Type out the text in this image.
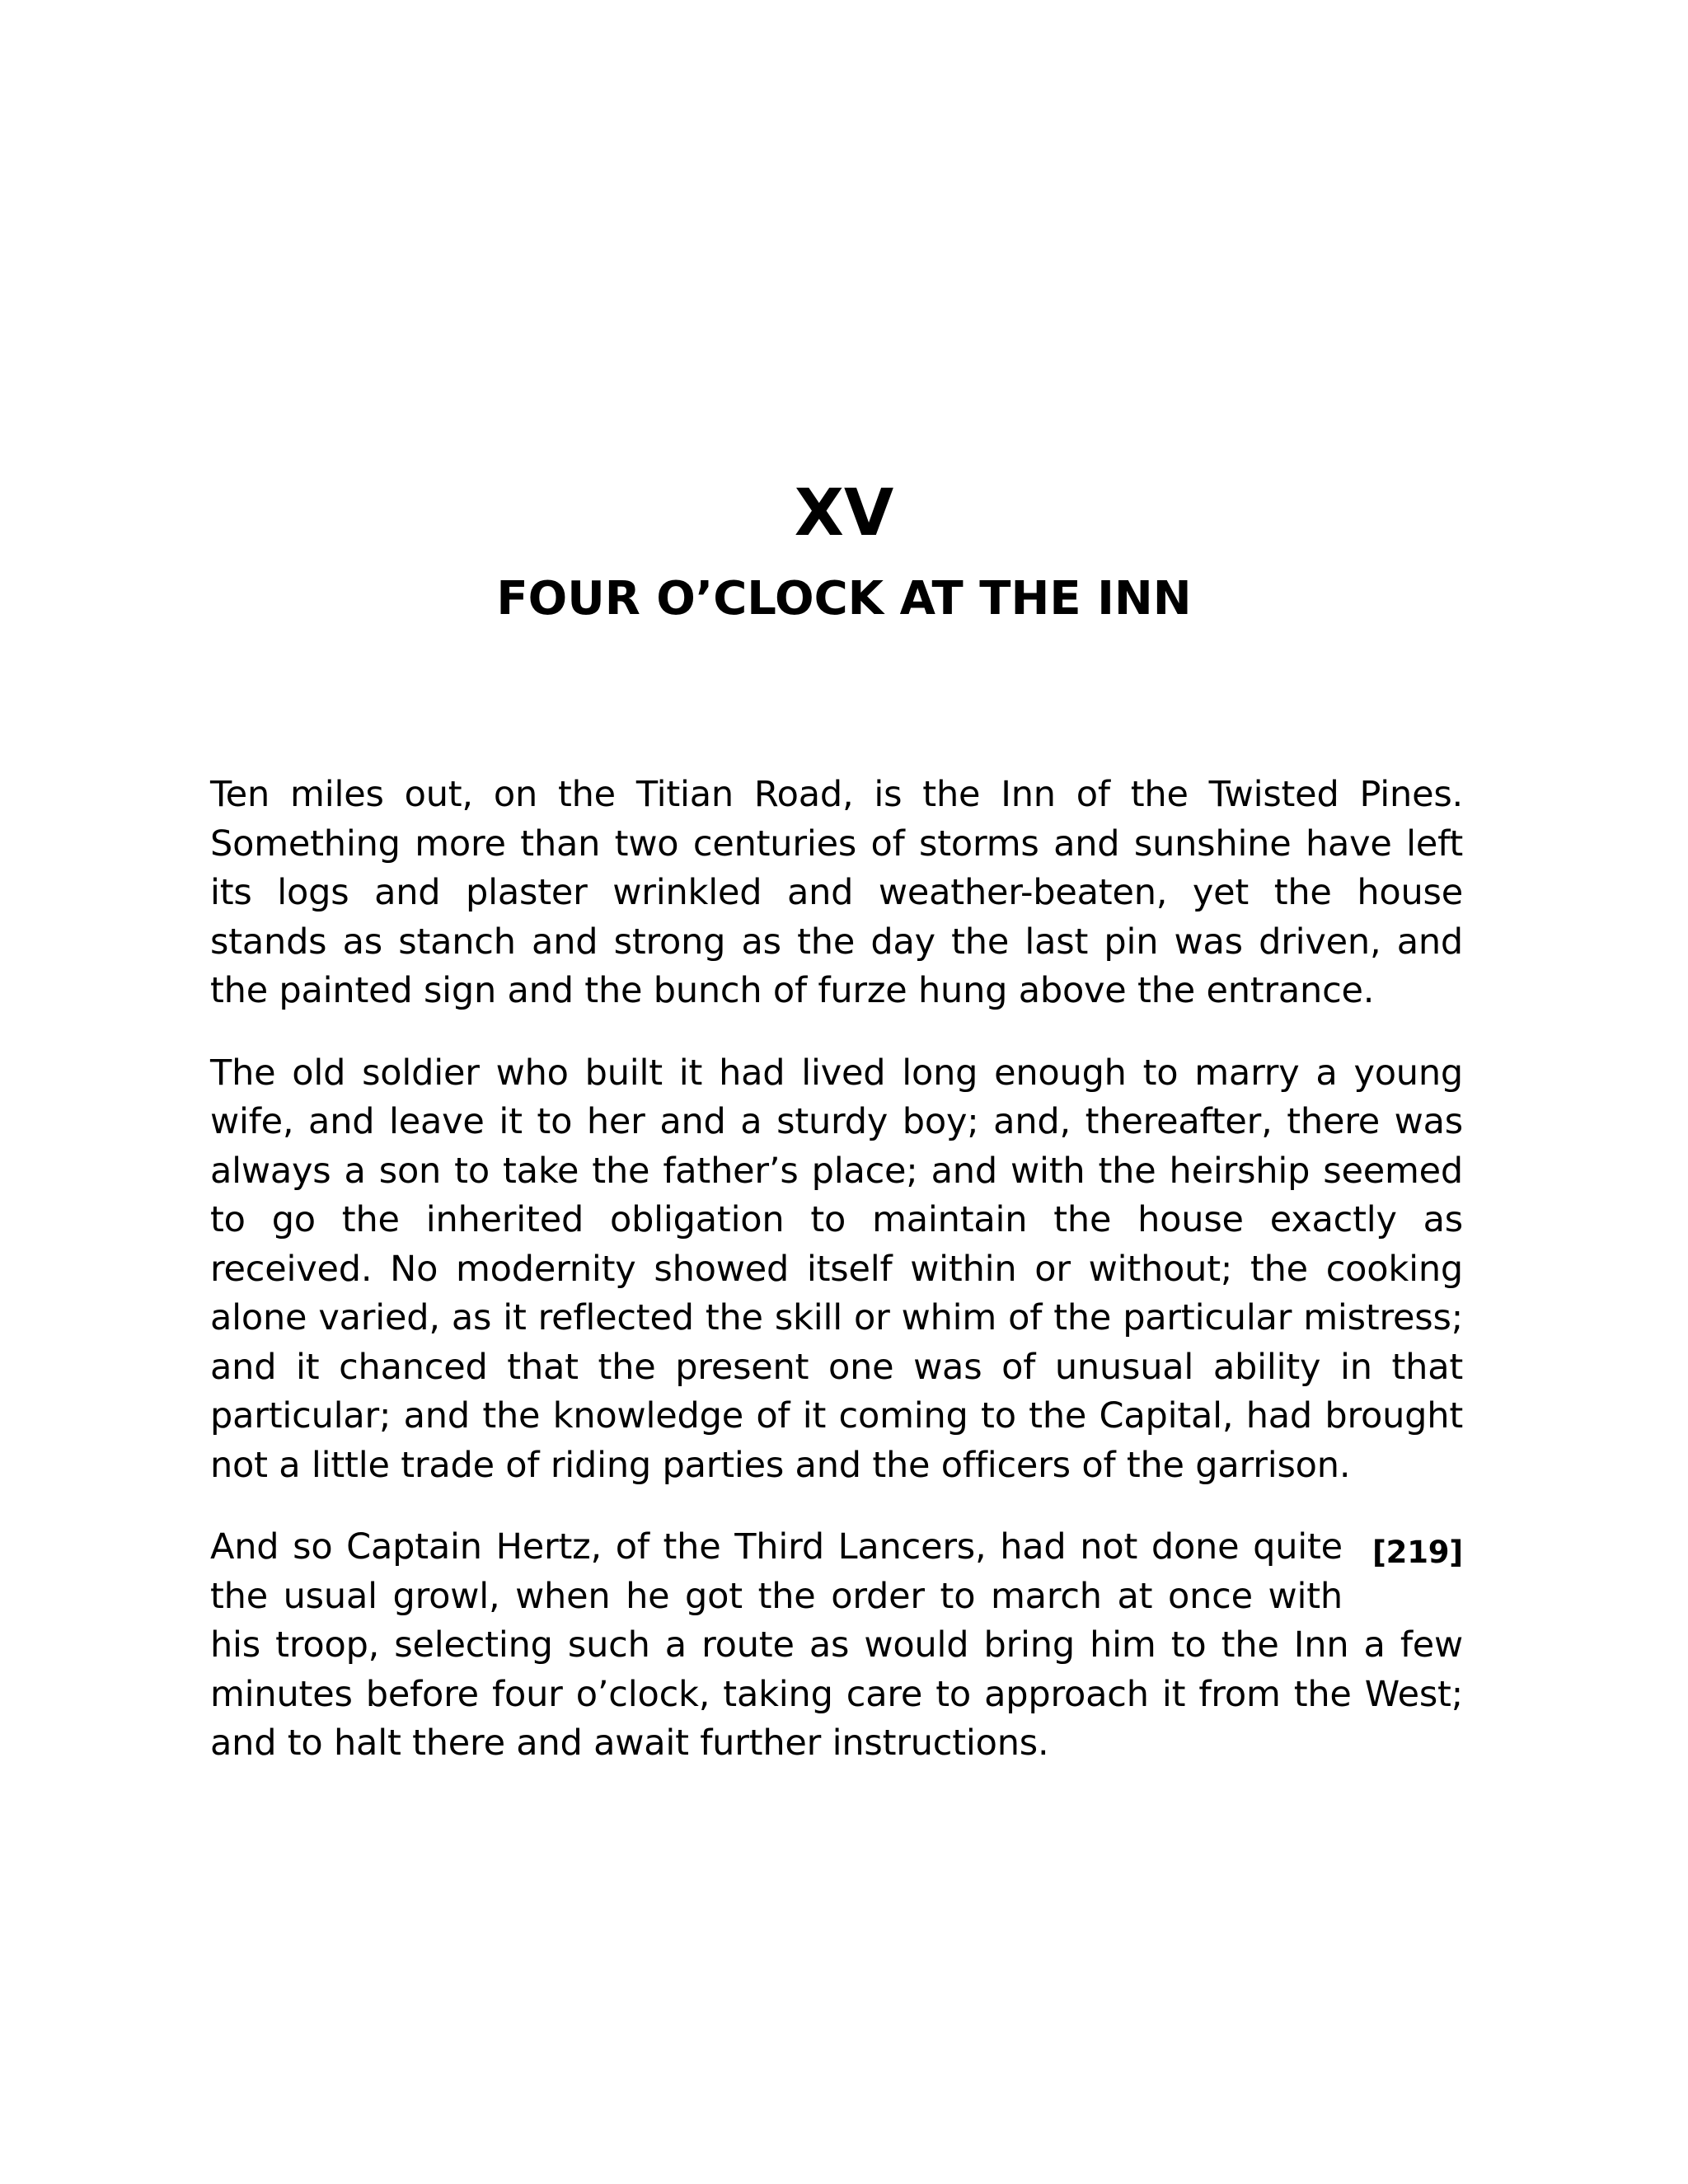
XV
FOUR O’CLOCK AT THE INN

Ten miles out, on the Titian Road, is the Inn of the Twisted Pines. Something more than two centuries of storms and sunshine have left its logs and plaster wrinkled and weather-beaten, yet the house stands as stanch and strong as the day the last pin was driven, and the painted sign and the bunch of furze hung above the entrance.

The old soldier who built it had lived long enough to marry a young wife, and leave it to her and a sturdy boy; and, thereafter, there was always a son to take the father’s place; and with the heirship seemed to go the inherited obligation to maintain the house exactly as received. No modernity showed itself within or without; the cooking alone varied, as it reflected the skill or whim of the particular mistress; and it chanced that the present one was of unusual ability in that particular; and the knowledge of it coming to the Capital, had brought not a little trade of riding parties and the officers of the garrison.

[219]
And so Captain Hertz, of the Third Lancers, had not done quite the usual growl, when he got the order to march at once with his troop, selecting such a route as would bring him to the Inn a few minutes before four o’clock, taking care to approach it from the West; and to halt there and await further instructions.
